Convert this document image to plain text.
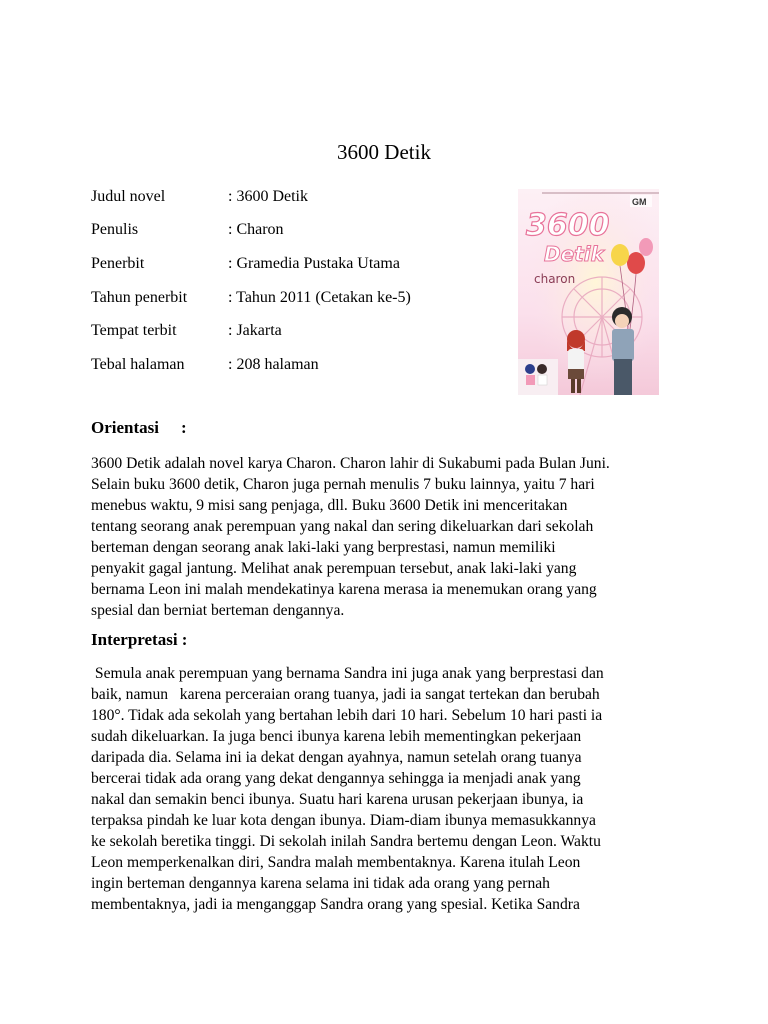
3600 Detik
Judul novel	: 3600 Detik
Penulis	: Charon
Penerbit	: Gramedia Pustaka Utama
Tahun penerbit	: Tahun 2011 (Cetakan ke-5)
Tempat terbit	: Jakarta
Tebal halaman	: 208 halaman
GM
3600
Detik
charon
Orientasi :
3600 Detik adalah novel karya Charon. Charon lahir di Sukabumi pada Bulan Juni.
Selain buku 3600 detik, Charon juga pernah menulis 7 buku lainnya, yaitu 7 hari
menebus waktu, 9 misi sang penjaga, dll. Buku 3600 Detik ini menceritakan
tentang seorang anak perempuan yang nakal dan sering dikeluarkan dari sekolah
berteman dengan seorang anak laki-laki yang berprestasi, namun memiliki
penyakit gagal jantung. Melihat anak perempuan tersebut, anak laki-laki yang
bernama Leon ini malah mendekatinya karena merasa ia menemukan orang yang
spesial dan berniat berteman dengannya.
Interpretasi :
Semula anak perempuan yang bernama Sandra ini juga anak yang berprestasi dan
baik, namun   karena perceraian orang tuanya, jadi ia sangat tertekan dan berubah
180°. Tidak ada sekolah yang bertahan lebih dari 10 hari. Sebelum 10 hari pasti ia
sudah dikeluarkan. Ia juga benci ibunya karena lebih mementingkan pekerjaan
daripada dia. Selama ini ia dekat dengan ayahnya, namun setelah orang tuanya
bercerai tidak ada orang yang dekat dengannya sehingga ia menjadi anak yang
nakal dan semakin benci ibunya. Suatu hari karena urusan pekerjaan ibunya, ia
terpaksa pindah ke luar kota dengan ibunya. Diam-diam ibunya memasukkannya
ke sekolah beretika tinggi. Di sekolah inilah Sandra bertemu dengan Leon. Waktu
Leon memperkenalkan diri, Sandra malah membentaknya. Karena itulah Leon
ingin berteman dengannya karena selama ini tidak ada orang yang pernah
membentaknya, jadi ia menganggap Sandra orang yang spesial. Ketika Sandra
